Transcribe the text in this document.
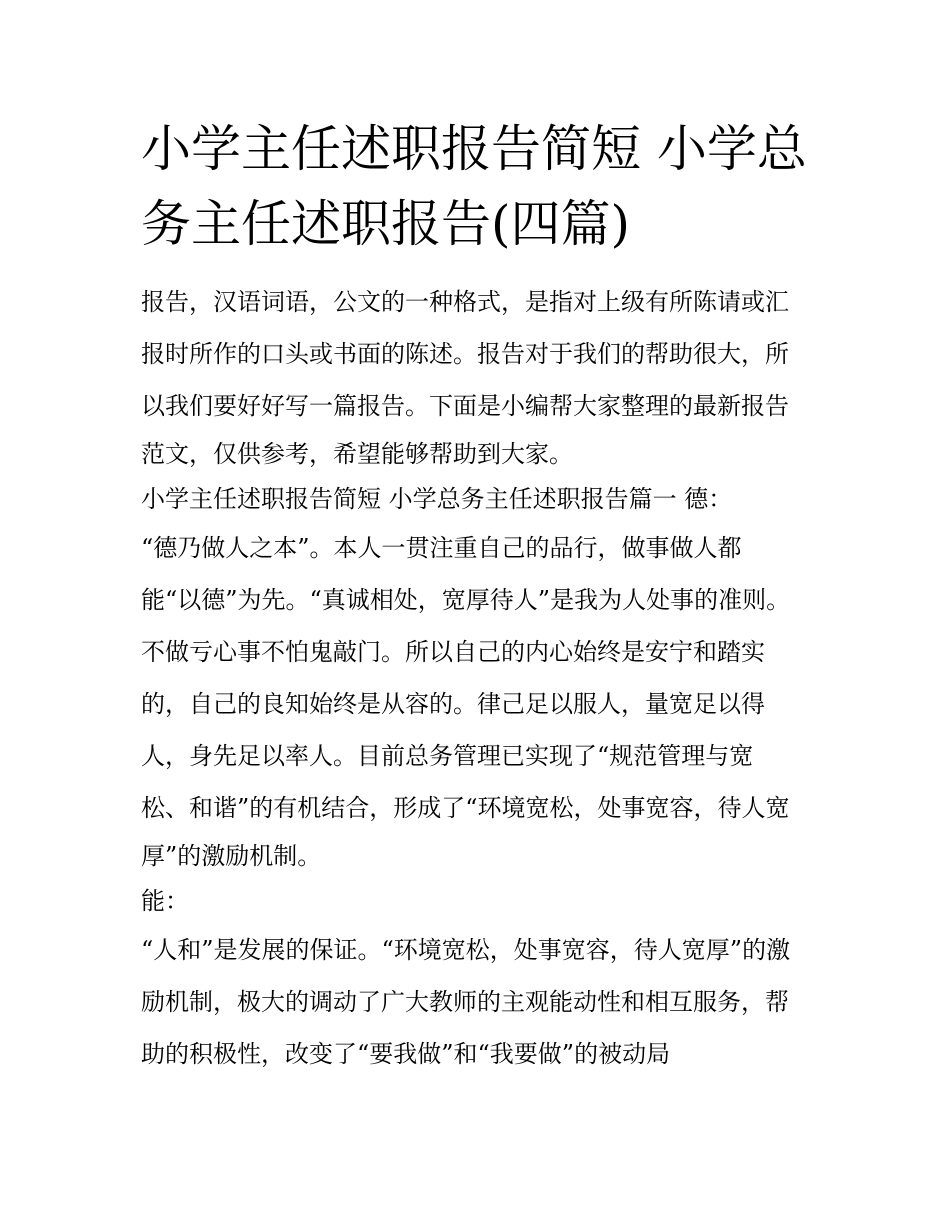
小学主任述职报告简短 小学总
务主任述职报告(四篇)
报告，汉语词语，公文的一种格式，是指对上级有所陈请或汇
报时所作的口头或书面的陈述。报告对于我们的帮助很大，所
以我们要好好写一篇报告。下面是小编帮大家整理的最新报告
范文，仅供参考，希望能够帮助到大家。
小学主任述职报告简短 小学总务主任述职报告篇一 德：
“德乃做人之本”。本人一贯注重自己的品行，做事做人都
能“以德”为先。“真诚相处，宽厚待人”是我为人处事的准则。
不做亏心事不怕鬼敲门。所以自己的内心始终是安宁和踏实
的，自己的良知始终是从容的。律己足以服人，量宽足以得
人，身先足以率人。目前总务管理已实现了“规范管理与宽
松、和谐”的有机结合，形成了“环境宽松，处事宽容，待人宽
厚”的激励机制。
能：
“人和”是发展的保证。“环境宽松，处事宽容，待人宽厚”的激
励机制，极大的调动了广大教师的主观能动性和相互服务，帮
助的积极性，改变了“要我做”和“我要做”的被动局
